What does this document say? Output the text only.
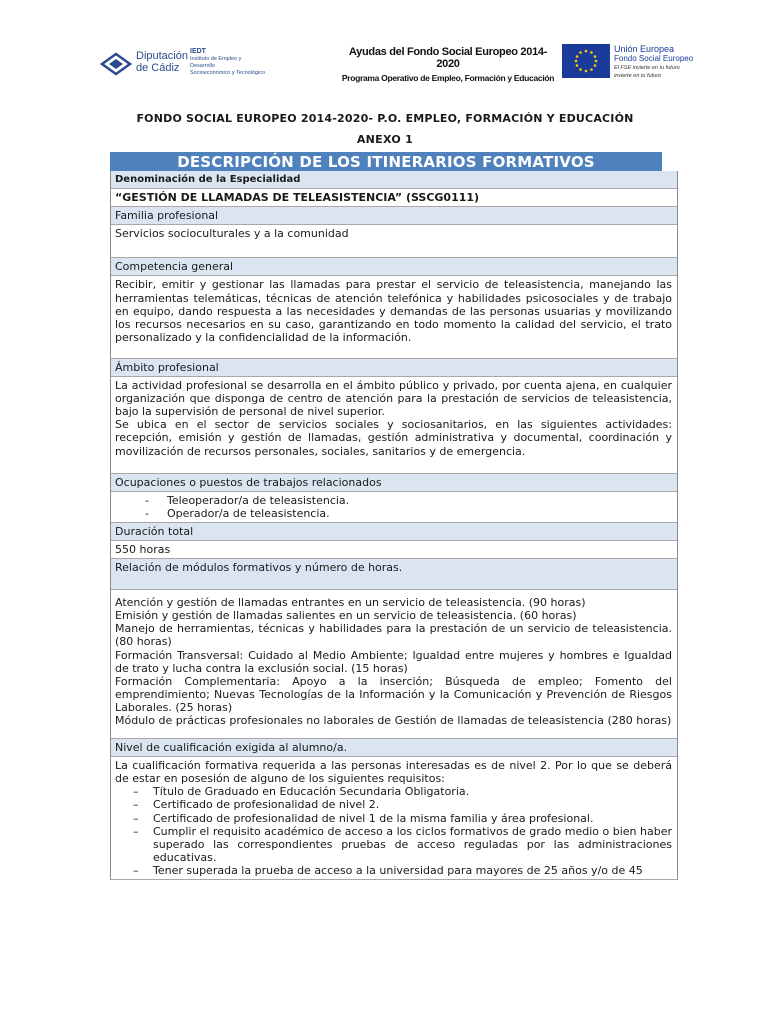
Diputación
de Cádiz
IEDT
Instituto de Empleo y Desarrollo
Socioeconómico y Tecnológico
Ayudas del Fondo Social Europeo 2014-2020
Programa Operativo de Empleo, Formación y Educación
Unión Europea
Fondo Social Europeo
El FSE invierte en tu futuro
invierte en tu futuro
FONDO SOCIAL EUROPEO 2014-2020- P.O. EMPLEO, FORMACIÓN Y EDUCACIÓN
ANEXO 1
DESCRIPCIÓN DE LOS ITINERARIOS FORMATIVOS
Denominación de la Especialidad
“GESTIÓN DE LLAMADAS DE TELEASISTENCIA” (SSCG0111)
Familia profesional
Servicios socioculturales y a la comunidad
Competencia general
Recibir, emitir y gestionar las llamadas para prestar el servicio de teleasistencia, manejando las herramientas telemáticas, técnicas de atención telefónica y habilidades psicosociales y de trabajo en equipo, dando respuesta a las necesidades y demandas de las personas usuarias y movilizando los recursos necesarios en su caso, garantizando en todo momento la calidad del servicio, el trato personalizado y la confidencialidad de la información.
Ámbito profesional
La actividad profesional se desarrolla en el ámbito público y privado, por cuenta ajena, en cualquier organización que disponga de centro de atención para la prestación de servicios de teleasistencia, bajo la supervisión de personal de nivel superior.
Se ubica en el sector de servicios sociales y sociosanitarios, en las siguientes actividades: recepción, emisión y gestión de llamadas, gestión administrativa y documental, coordinación y movilización de recursos personales, sociales, sanitarios y de emergencia.
Ocupaciones o puestos de trabajos relacionados
- Teleoperador/a de teleasistencia.
- Operador/a de teleasistencia.
Duración total
550 horas
Relación de módulos formativos y número de horas.
Atención y gestión de llamadas entrantes en un servicio de teleasistencia. (90 horas)
Emisión y gestión de llamadas salientes en un servicio de teleasistencia. (60 horas)
Manejo de herramientas, técnicas y habilidades para la prestación de un servicio de teleasistencia. (80 horas)
Formación Transversal: Cuidado al Medio Ambiente; Igualdad entre mujeres y hombres e Igualdad de trato y lucha contra la exclusión social. (15 horas)
Formación Complementaria: Apoyo a la inserción; Búsqueda de empleo; Fomento del emprendimiento; Nuevas Tecnologías de la Información y la Comunicación y Prevención de Riesgos Laborales. (25 horas)
Módulo de prácticas profesionales no laborales de Gestión de llamadas de teleasistencia (280 horas)
Nivel de cualificación exigida al alumno/a.
La cualificación formativa requerida a las personas interesadas es de nivel 2. Por lo que se deberá de estar en posesión de alguno de los siguientes requisitos:
– Título de Graduado en Educación Secundaria Obligatoria.
– Certificado de profesionalidad de nivel 2.
– Certificado de profesionalidad de nivel 1 de la misma familia y área profesional.
– Cumplir el requisito académico de acceso a los ciclos formativos de grado medio o bien haber superado las correspondientes pruebas de acceso reguladas por las administraciones educativas.
– Tener superada la prueba de acceso a la universidad para mayores de 25 años y/o de 45
